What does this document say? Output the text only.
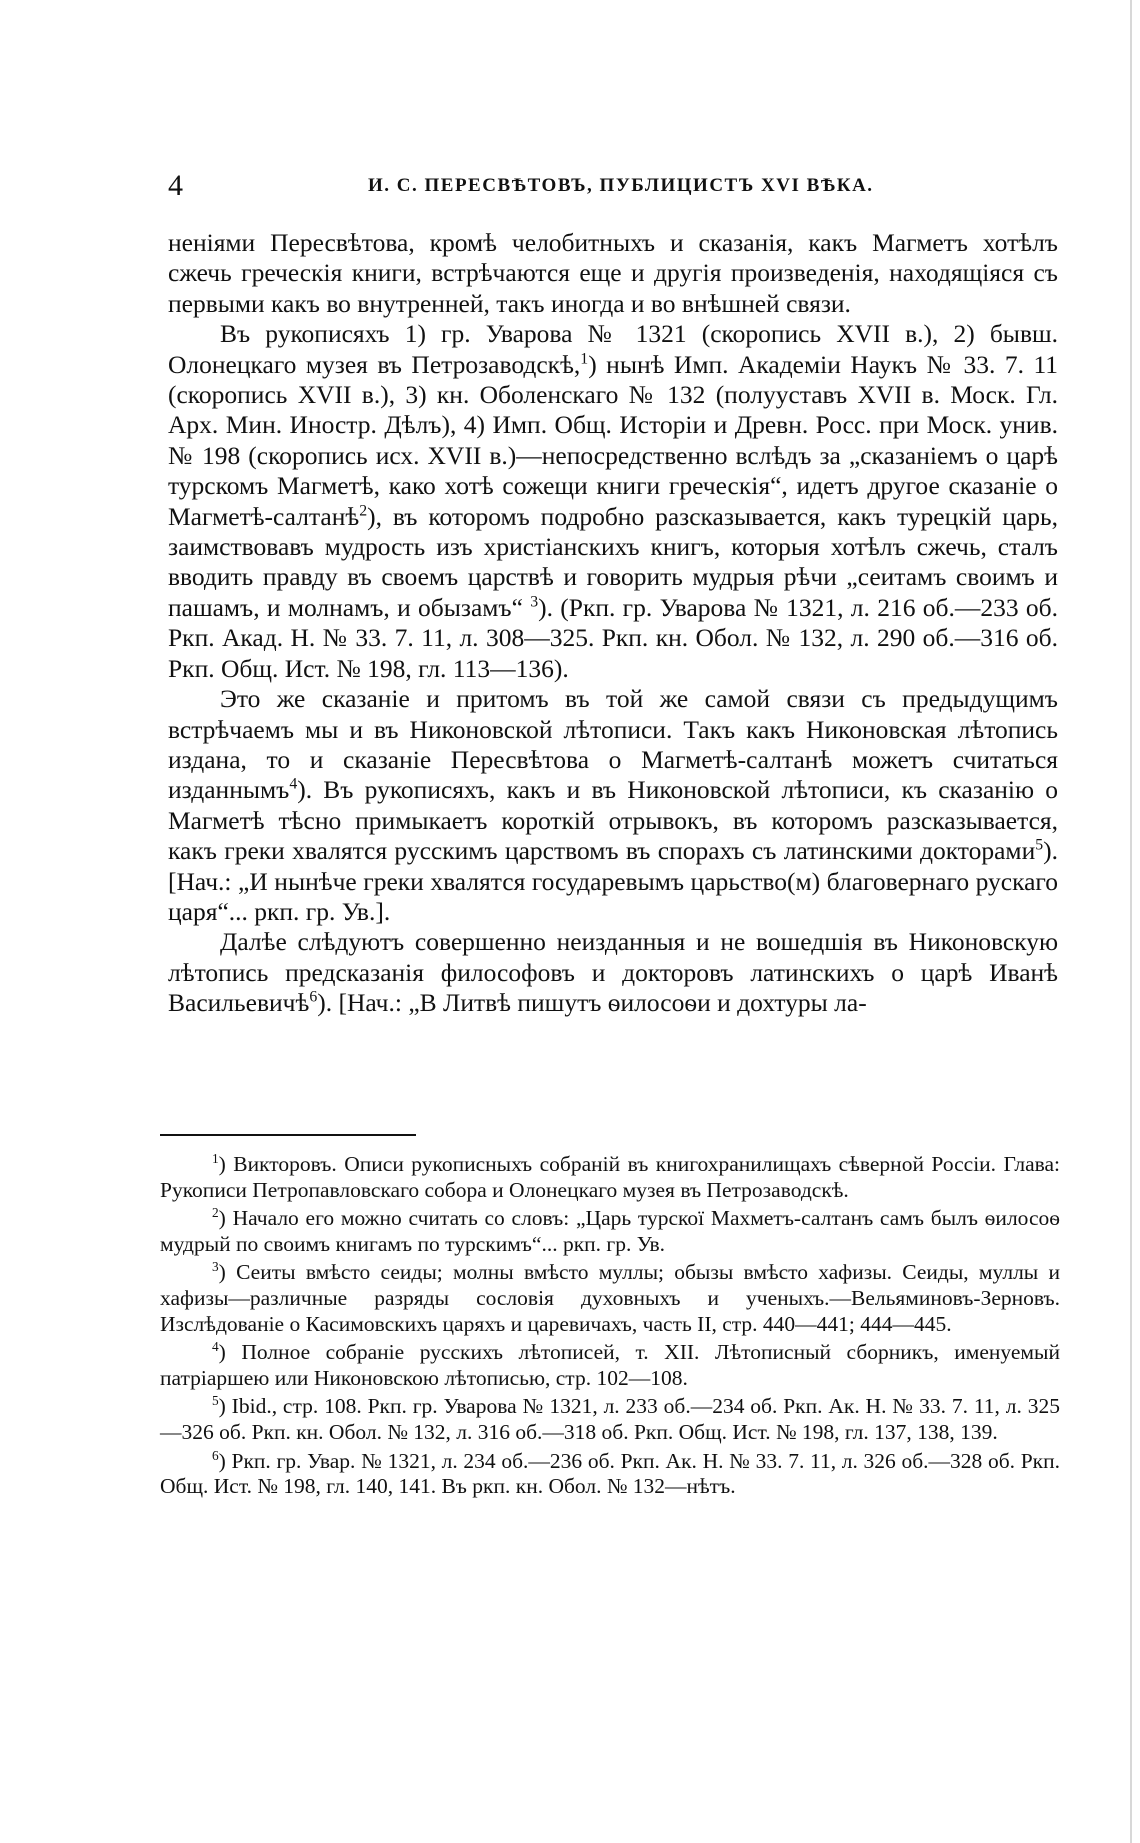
4	И. С. ПЕРЕСВѢТОВЪ, ПУБЛИЦИСТЪ XVI ВѢКА.

неніями Пересвѣтова, кромѣ челобитныхъ и сказанія, какъ Магметъ хотѣлъ сжечь греческія книги, встрѣчаются еще и другія произведенія, находящіяся съ первыми какъ во внутренней, такъ иногда и во внѣшней связи.

Въ рукописяхъ 1) гр. Уварова № 1321 (скоропись XVII в.), 2) бывш. Олонецкаго музея въ Петрозаводскѣ,$^1$) нынѣ Имп. Академіи Наукъ № 33. 7. 11 (скоропись XVII в.), 3) кн. Оболенскаго № 132 (полууставъ XVII в. Моск. Гл. Арх. Мин. Иностр. Дѣлъ), 4) Имп. Общ. Исторіи и Древн. Росс. при Моск. унив. № 198 (скоропись исх. XVII в.)—непосредственно вслѣдъ за „сказаніемъ о царѣ турскомъ Магметѣ, како хотѣ сожещи книги греческія“, идетъ другое сказаніе о Магметѣ-салтанѣ$^2$), въ которомъ подробно разсказывается, какъ турецкій царь, заимствовавъ мудрость изъ христіанскихъ книгъ, которыя хотѣлъ сжечь, сталъ вводить правду въ своемъ царствѣ и говорить мудрыя рѣчи „сеитамъ своимъ и пашамъ, и молнамъ, и обызамъ“ $^3$). (Ркп. гр. Уварова № 1321, л. 216 об.—233 об. Ркп. Акад. Н. № 33. 7. 11, л. 308—325. Ркп. кн. Обол. № 132, л. 290 об.—316 об. Ркп. Общ. Ист. № 198, гл. 113—136).

Это же сказаніе и притомъ въ той же самой связи съ предыдущимъ встрѣчаемъ мы и въ Никоновской лѣтописи. Такъ какъ Никоновская лѣтопись издана, то и сказаніе Пересвѣтова о Магметѣ-салтанѣ можетъ считаться изданнымъ$^4$). Въ рукописяхъ, какъ и въ Никоновской лѣтописи, къ сказанію о Магметѣ тѣсно примыкаетъ короткій отрывокъ, въ которомъ разсказывается, какъ греки хвалятся русскимъ царствомъ въ спорахъ съ латинскими докторами$^5$). [Нач.: „И нынѣче греки хвалятся государевымъ царьство(м) благовернаго рускаго царя“... ркп. гр. Ув.].

Далѣе слѣдуютъ совершенно неизданныя и не вошедшія въ Никоновскую лѣтопись предсказанія философовъ и докторовъ латинскихъ о царѣ Иванѣ Васильевичѣ$^6$). [Нач.: „В Литвѣ пишутъ ѳилосоѳи и дохтуры ла-

$^1$) Викторовъ. Описи рукописныхъ собраній въ книгохранилищахъ сѣверной Россіи. Глава: Рукописи Петропавловскаго собора и Олонецкаго музея въ Петрозаводскѣ.

$^2$) Начало его можно считать со словъ: „Царь турскої Махметъ-салтанъ самъ былъ ѳилосоѳ мудрый по своимъ книгамъ по турскимъ“... ркп. гр. Ув.

$^3$) Сеиты вмѣсто сеиды; молны вмѣсто муллы; обызы вмѣсто хафизы. Сеиды, муллы и хафизы—различные разряды сословія духовныхъ и ученыхъ.—Вельяминовъ-Зерновъ. Изслѣдованіе о Касимовскихъ царяхъ и царевичахъ, часть II, стр. 440—441; 444—445.

$^4$) Полное собраніе русскихъ лѣтописей, т. XII. Лѣтописный сборникъ, именуемый патріаршею или Никоновскою лѣтописью, стр. 102—108.

$^5$) Ibid., стр. 108. Ркп. гр. Уварова № 1321, л. 233 об.—234 об. Ркп. Ак. Н. № 33. 7. 11, л. 325—326 об. Ркп. кн. Обол. № 132, л. 316 об.—318 об. Ркп. Общ. Ист. № 198, гл. 137, 138, 139.

$^6$) Ркп. гр. Увар. № 1321, л. 234 об.—236 об. Ркп. Ак. Н. № 33. 7. 11, л. 326 об.—328 об. Ркп. Общ. Ист. № 198, гл. 140, 141. Въ ркп. кн. Обол. № 132—нѣтъ.
